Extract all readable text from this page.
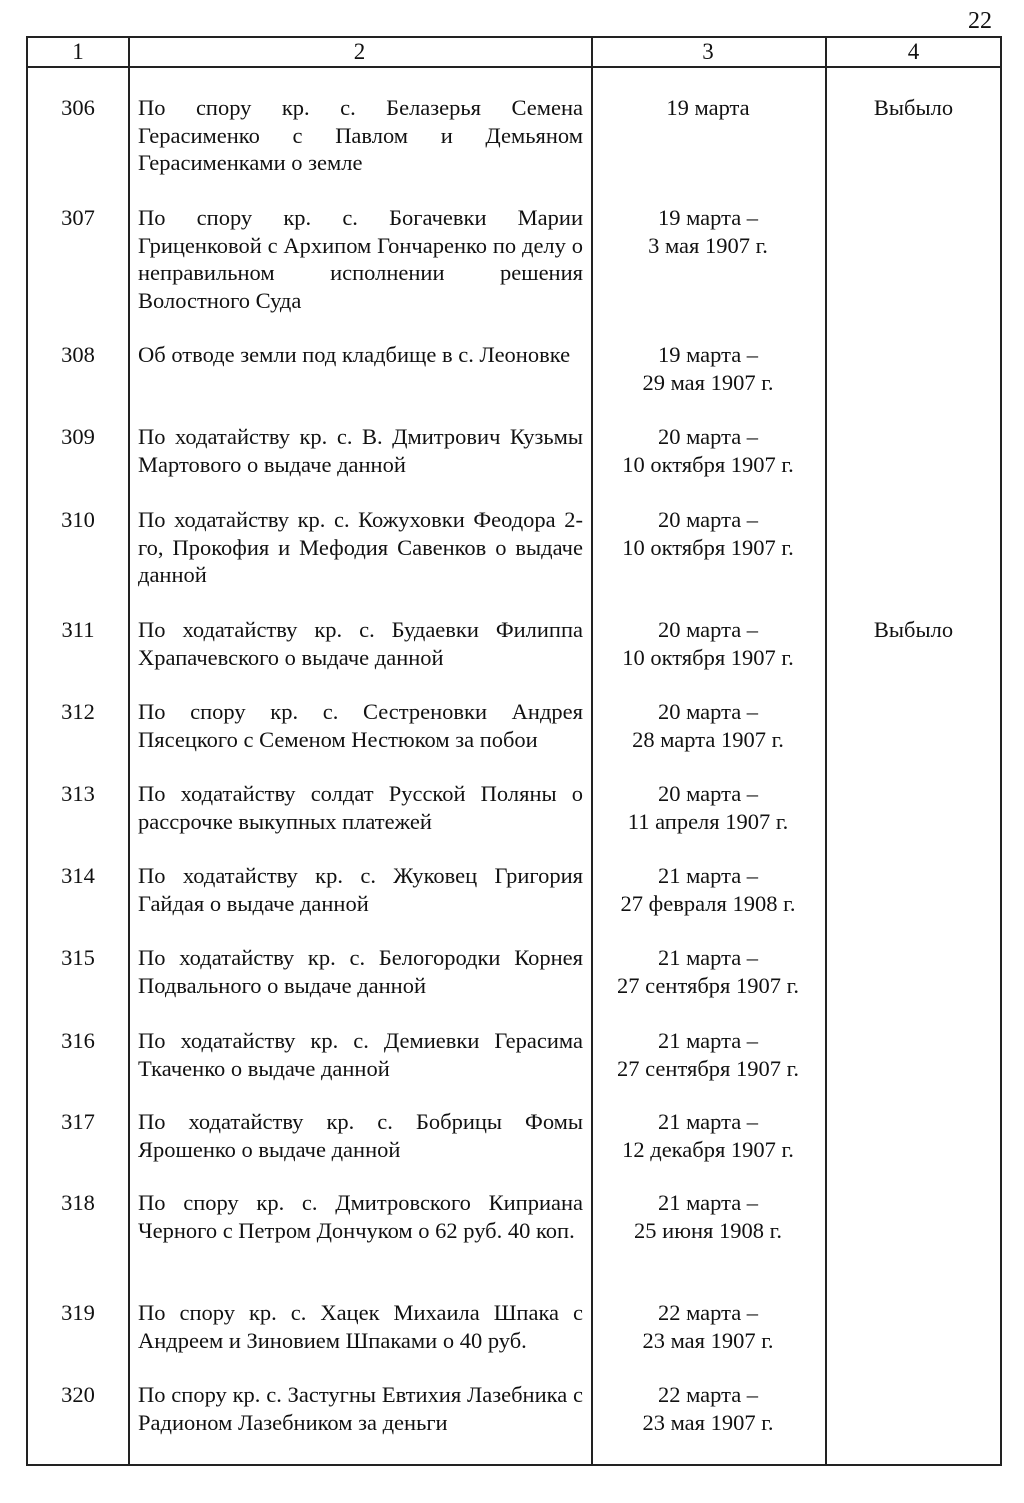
22
1	2	3	4
306	По спору кр. с. Белазерья Семена Герасименко с Павлом и Демьяном Герасименками о земле
19 марта	Выбыло
307	По спору кр. с. Богачевки Марии Гриценковой с Архипом Гончаренко по делу о неправильном исполнении решения Волостного Суда
19 марта –
3 мая 1907 г.
308	Об отводе земли под кладбище в с. Леоновке	19 марта –
29 мая 1907 г.
309	По ходатайству кр. с. В. Дмитрович Кузьмы Мартового о выдаче данной
20 марта –
10 октября 1907 г.
310	По ходатайству кр. с. Кожуховки Феодора 2-го, Прокофия и Мефодия Савенков о выдаче данной
20 марта –
10 октября 1907 г.
311	По ходатайству кр. с. Будаевки Филиппа Храпачевского о выдаче данной
20 марта –
10 октября 1907 г.
Выбыло
312	По спору кр. с. Сестреновки Андрея Пясецкого с Семеном Нестюком за побои
20 марта –
28 марта 1907 г.
313	По ходатайству солдат Русской Поляны о рассрочке выкупных платежей
20 марта –
11 апреля 1907 г.
314	По ходатайству кр. с. Жуковец Григория Гайдая о выдаче данной
21 марта –
27 февраля 1908 г.
315	По ходатайству кр. с. Белогородки Корнея Подвального о выдаче данной
21 марта –
27 сентября 1907 г.
316	По ходатайству кр. с. Демиевки Герасима Ткаченко о выдаче данной
21 марта –
27 сентября 1907 г.
317	По ходатайству кр. с. Бобрицы Фомы Ярошенко о выдаче данной
21 марта –
12 декабря 1907 г.
318	По спору кр. с. Дмитровского Киприана Черного с Петром Дончуком о 62 руб. 40 коп.
21 марта –
25 июня 1908 г.
319	По спору кр. с. Хацек Михаила Шпака с Андреем и Зиновием Шпаками о 40 руб.
22 марта –
23 мая 1907 г.
320	По спору кр. с. Застугны Евтихия Лазебника с Радионом Лазебником за деньги
22 марта –
23 мая 1907 г.
